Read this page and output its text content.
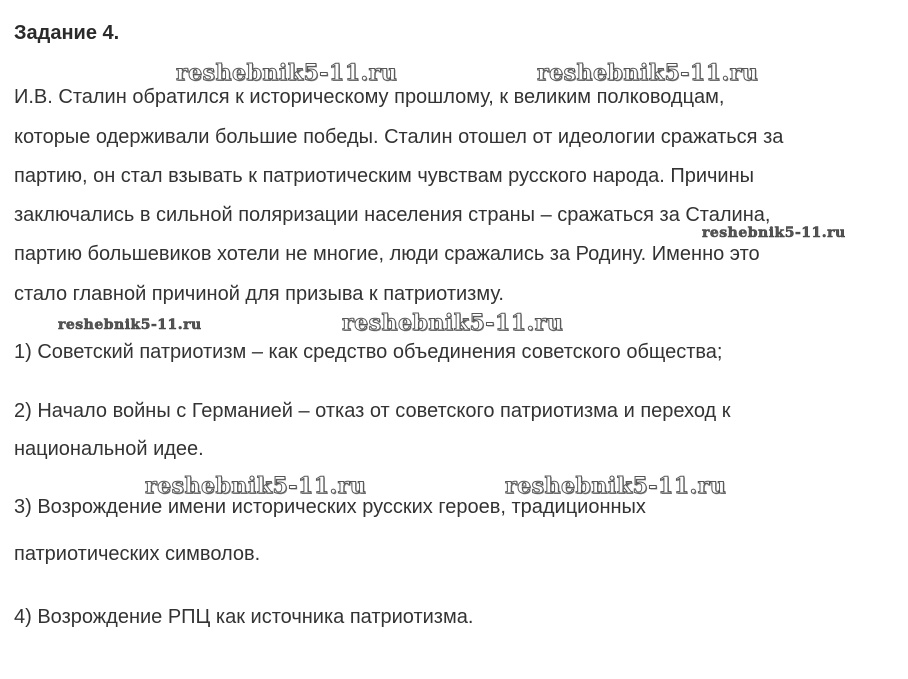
Задание 4.
И.В. Сталин обратился к историческому прошлому, к великим полководцам,
которые одерживали большие победы. Сталин отошел от идеологии сражаться за
партию, он стал взывать к патриотическим чувствам русского народа. Причины
заключались в сильной поляризации населения страны – сражаться за Сталина,
партию большевиков хотели не многие, люди сражались за Родину. Именно это
стало главной причиной для призыва к патриотизму.
1) Советский патриотизм – как средство объединения советского общества;
2) Начало войны с Германией – отказ от советского патриотизма и переход к
национальной идее.
3) Возрождение имени исторических русских героев, традиционных
патриотических символов.
4) Возрождение РПЦ как источника патриотизма.
reshebnik5-11.ru	reshebnik5-11.ru
reshebnik5-11.ru
reshebnik5-11.ru	reshebnik5-11.ru
reshebnik5-11.ru	reshebnik5-11.ru
